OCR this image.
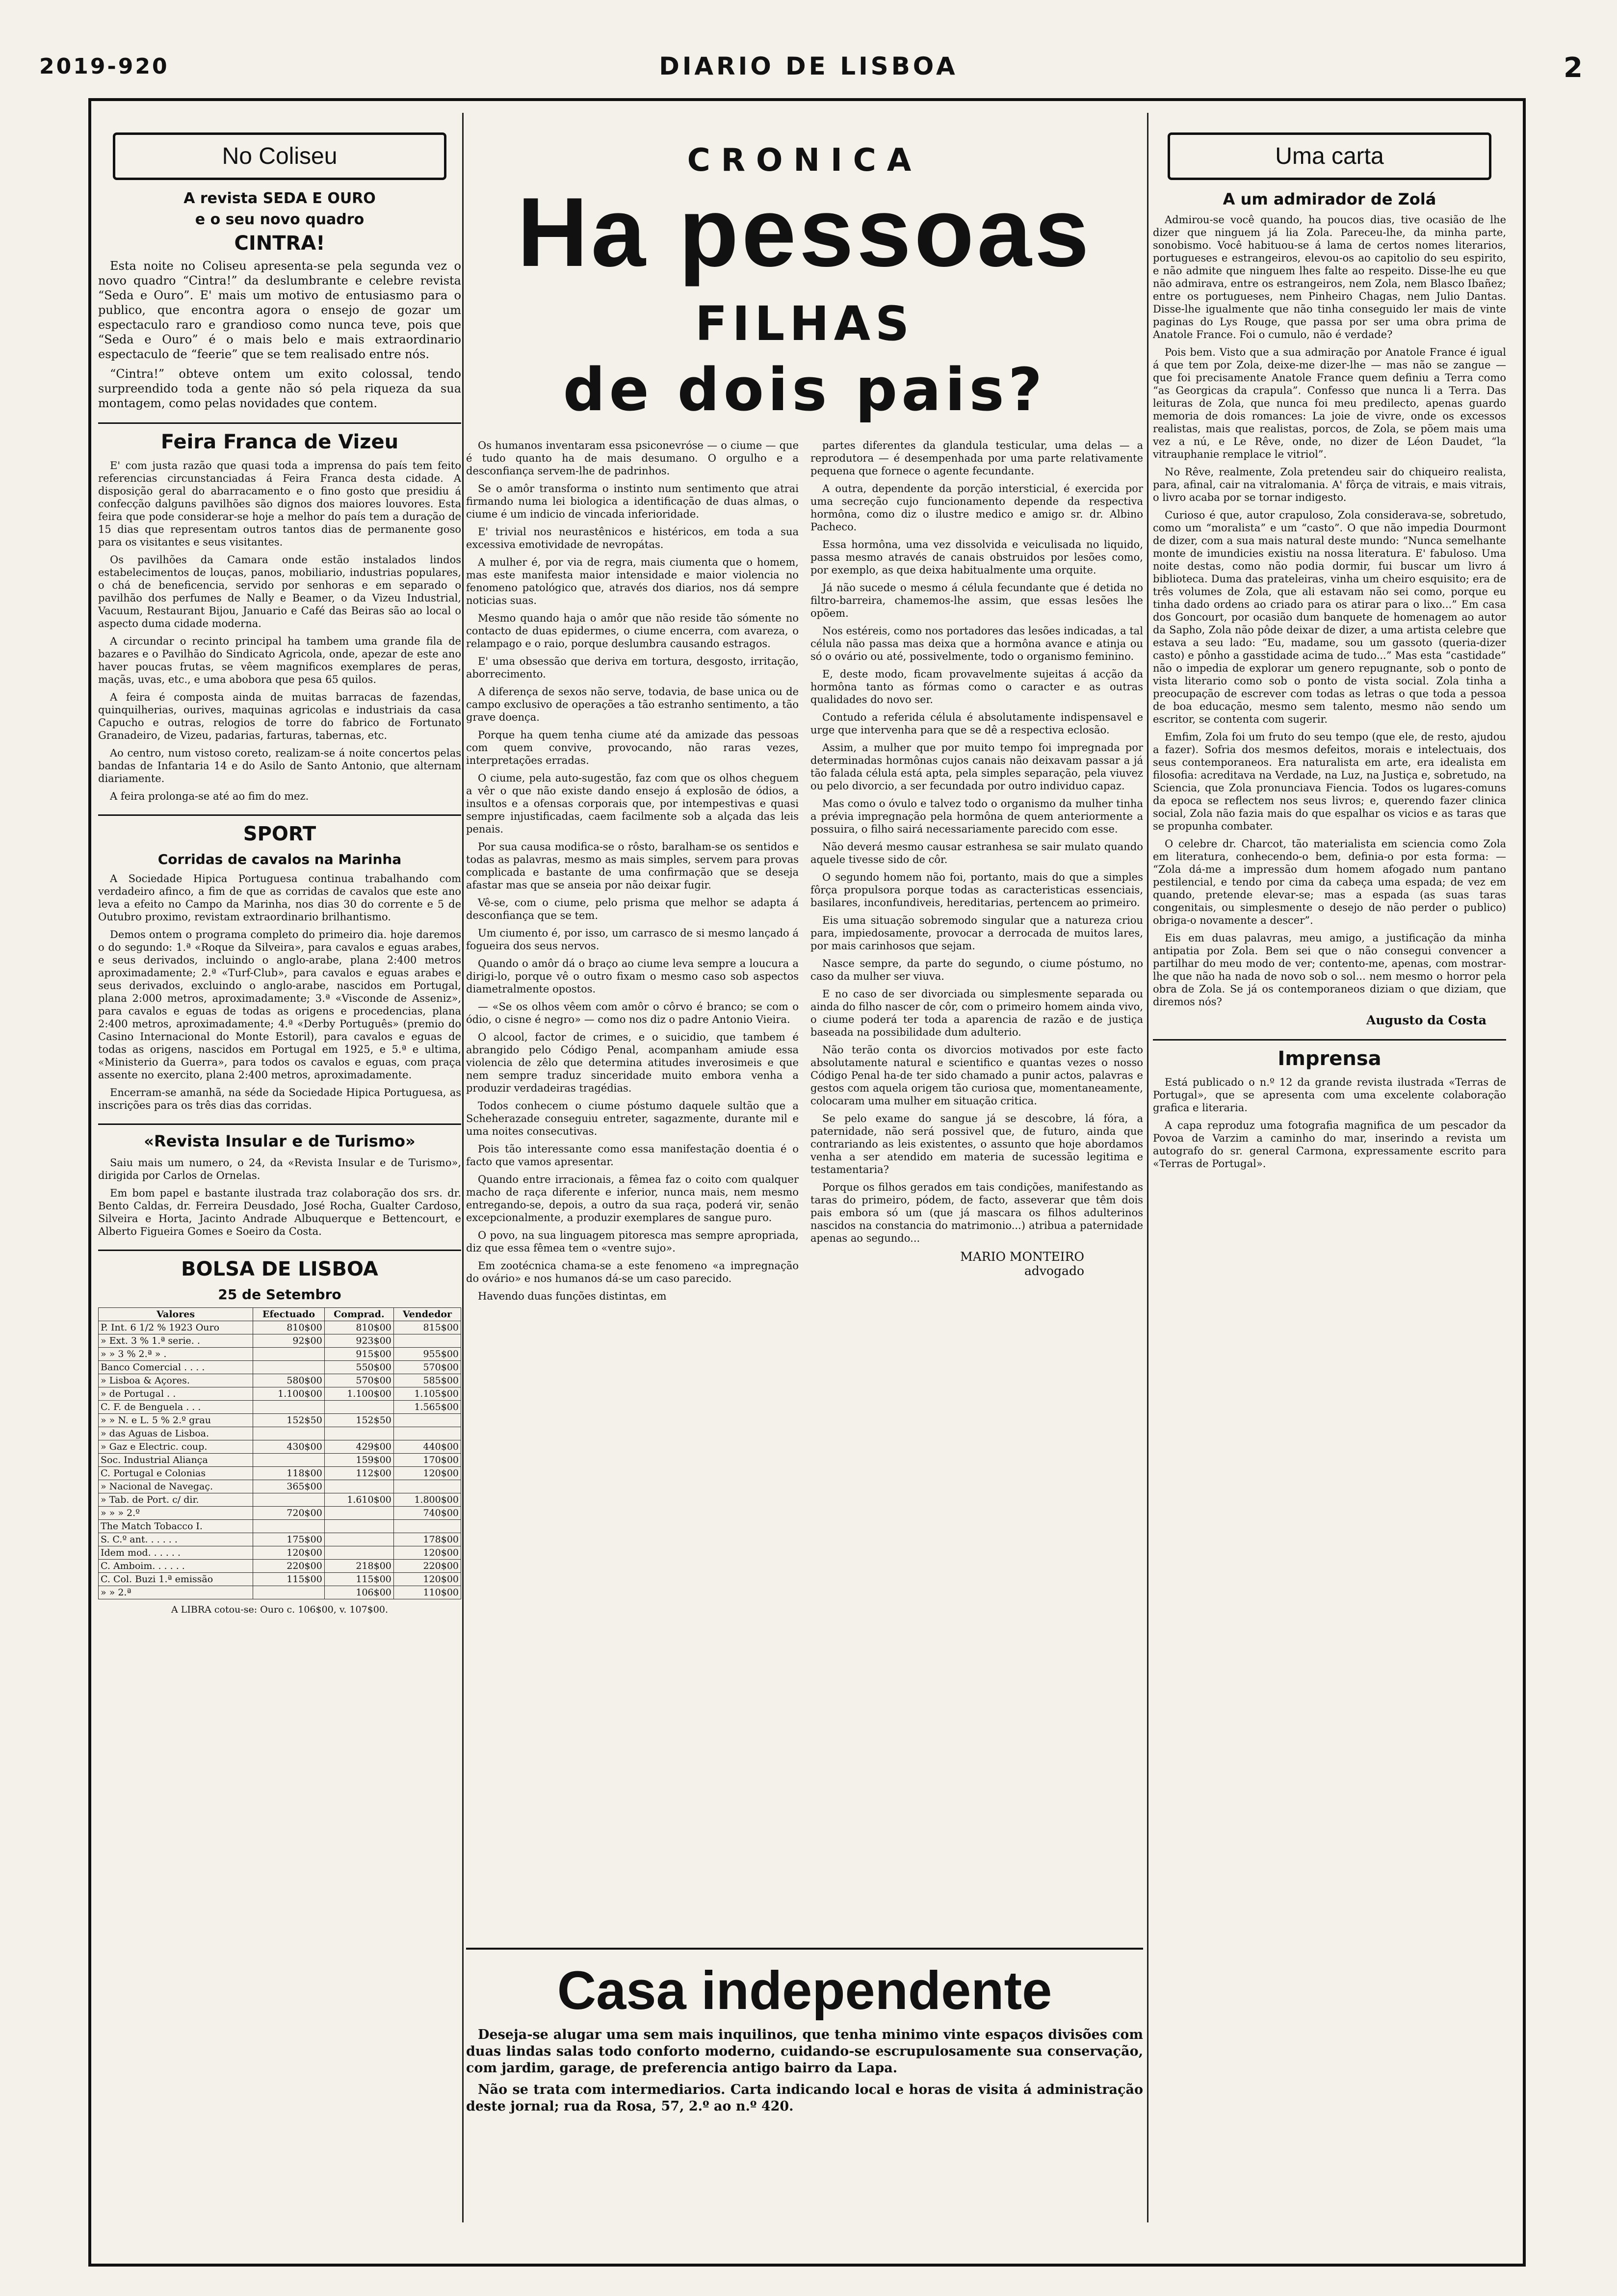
2019-920	DIARIO DE LISBOA	2
No Coliseu
A revista SEDA E OURO
e o seu novo quadro
CINTRA!

Esta noite no Coliseu apresenta-se pela segunda vez o novo quadro “Cintra!” da deslumbrante e celebre revista “Seda e Ouro”. E' mais um motivo de entusiasmo para o publico, que encontra agora o ensejo de gozar um espectaculo raro e grandioso como nunca teve, pois que “Seda e Ouro” é o mais belo e mais extraordinario espectaculo de “feerie” que se tem realisado entre nós.

“Cintra!” obteve ontem um exito colossal, tendo surpreendido toda a gente não só pela riqueza da sua montagem, como pelas novidades que contem.

Feira Franca de Vizeu

E' com justa razão que quasi toda a imprensa do país tem feito referencias circunstanciadas á Feira Franca desta cidade. A disposição geral do abarracamento e o fino gosto que presidiu á confecção dalguns pavilhões são dignos dos maiores louvores. Esta feira que pode considerar-se hoje a melhor do país tem a duração de 15 dias que representam outros tantos dias de permanente goso para os visitantes e seus visitantes.

Os pavilhões da Camara onde estão instalados lindos estabelecimentos de louças, panos, mobiliario, industrias populares, o chá de beneficencia, servido por senhoras e em separado o pavilhão dos perfumes de Nally e Beamer, o da Vizeu Industrial, Vacuum, Restaurant Bijou, Januario e Café das Beiras são ao local o aspecto duma cidade moderna.

A circundar o recinto principal ha tambem uma grande fila de bazares e o Pavilhão do Sindicato Agricola, onde, apezar de este ano haver poucas frutas, se vêem magnificos exemplares de peras, maçãs, uvas, etc., e uma abobora que pesa 65 quilos.

A feira é composta ainda de muitas barracas de fazendas, quinquilherias, ourives, maquinas agricolas e industriais da casa Capucho e outras, relogios de torre do fabrico de Fortunato Granadeiro, de Vizeu, padarias, farturas, tabernas, etc.

Ao centro, num vistoso coreto, realizam-se á noite concertos pelas bandas de Infantaria 14 e do Asilo de Santo Antonio, que alternam diariamente.

A feira prolonga-se até ao fim do mez.

SPORT
Corridas de cavalos na Marinha

A Sociedade Hipica Portuguesa continua trabalhando com verdadeiro afinco, a fim de que as corridas de cavalos que este ano leva a efeito no Campo da Marinha, nos dias 30 do corrente e 5 de Outubro proximo, revistam extraordinario brilhantismo.

Demos ontem o programa completo do primeiro dia. hoje daremos o do segundo: 1.ª «Roque da Silveira», para cavalos e eguas arabes, e seus derivados, incluindo o anglo-arabe, plana 2:400 metros aproximadamente; 2.ª «Turf-Club», para cavalos e eguas arabes e seus derivados, excluindo o anglo-arabe, nascidos em Portugal, plana 2:000 metros, aproximadamente; 3.ª «Visconde de Asseniz», para cavalos e eguas de todas as origens e procedencias, plana 2:400 metros, aproximadamente; 4.ª «Derby Português» (premio do Casino Internacional do Monte Estoril), para cavalos e eguas de todas as origens, nascidos em Portugal em 1925, e 5.ª e ultima, «Ministerio da Guerra», para todos os cavalos e eguas, com praça assente no exercito, plana 2:400 metros, aproximadamente.

Encerram-se amanhã, na séde da Sociedade Hipica Portuguesa, as inscrições para os três dias das corridas.

«Revista Insular e de Turismo»

Saiu mais um numero, o 24, da «Revista Insular e de Turismo», dirigida por Carlos de Ornelas.

Em bom papel e bastante ilustrada traz colaboração dos srs. dr. Bento Caldas, dr. Ferreira Deusdado, José Rocha, Gualter Cardoso, Silveira e Horta, Jacinto Andrade Albuquerque e Bettencourt, e Alberto Figueira Gomes e Soeiro da Costa.

BOLSA DE LISBOA
25 de Setembro
Valores	Efectuado	Comprad.	Vendedor
P. Int. 6 1/2 % 1923 Ouro	810$00	810$00	815$00
» Ext. 3 % 1.ª serie. .	92$00	923$00	
» » 3 % 2.ª » .		915$00	955$00
Banco Comercial . . . .		550$00	570$00
» Lisboa & Açores.	580$00	570$00	585$00
» de Portugal . .	1.100$00	1.100$00	1.105$00
C. F. de Benguela . . .			1.565$00
» » N. e L. 5 % 2.º grau	152$50	152$50	
» das Aguas de Lisboa.			
» Gaz e Electric. coup.	430$00	429$00	440$00
Soc. Industrial Aliança		159$00	170$00
C. Portugal e Colonias	118$00	112$00	120$00
» Nacional de Navegaç.	365$00		
» Tab. de Port. c/ dir.		1.610$00	1.800$00
» » » 2.º	720$00		740$00
The Match Tobacco I.			
S. C.º ant. . . . . .	175$00		178$00
Idem mod. . . . . .	120$00		120$00
C. Amboim. . . . . .	220$00	218$00	220$00
C. Col. Buzi 1.ª emissão	115$00	115$00	120$00
» » 2.ª		106$00	110$00
A LIBRA cotou-se: Ouro c. 106$00, v. 107$00.
CRONICA
Ha pessoas
FILHAS
de dois pais?

Os humanos inventaram essa psiconevróse — o ciume — que é tudo quanto ha de mais desumano. O orgulho e a desconfiança servem-lhe de padrinhos.

Se o amôr transforma o instinto num sentimento que atrai firmando numa lei biologica a identificação de duas almas, o ciume é um indicio de vincada inferioridade.

E' trivial nos neurastênicos e histéricos, em toda a sua excessiva emotividade de nevropátas.

A mulher é, por via de regra, mais ciumenta que o homem, mas este manifesta maior intensidade e maior violencia no fenomeno patológico que, através dos diarios, nos dá sempre noticias suas.

Mesmo quando haja o amôr que não reside tão sómente no contacto de duas epidermes, o ciume encerra, com avareza, o relampago e o raio, porque deslumbra causando estragos.

E' uma obsessão que deriva em tortura, desgosto, irritação, aborrecimento.

A diferença de sexos não serve, todavia, de base unica ou de campo exclusivo de operações a tão estranho sentimento, a tão grave doença.

Porque ha quem tenha ciume até da amizade das pessoas com quem convive, provocando, não raras vezes, interpretações erradas.

O ciume, pela auto-sugestão, faz com que os olhos cheguem a vêr o que não existe dando ensejo á explosão de ódios, a insultos e a ofensas corporais que, por intempestivas e quasi sempre injustificadas, caem facilmente sob a alçada das leis penais.

Por sua causa modifica-se o rôsto, baralham-se os sentidos e todas as palavras, mesmo as mais simples, servem para provas complicada e bastante de uma confirmação que se deseja afastar mas que se anseia por não deixar fugir.

Vê-se, com o ciume, pelo prisma que melhor se adapta á desconfiança que se tem.

Um ciumento é, por isso, um carrasco de si mesmo lançado á fogueira dos seus nervos.

Quando o amôr dá o braço ao ciume leva sempre a loucura a dirigi-lo, porque vê o outro fixam o mesmo caso sob aspectos diametralmente opostos.

— «Se os olhos vêem com amôr o côrvo é branco; se com o ódio, o cisne é negro» — como nos diz o padre Antonio Vieira.

O alcool, factor de crimes, e o suicidio, que tambem é abrangido pelo Código Penal, acompanham amiude essa violencia de zêlo que determina atitudes inverosimeis e que nem sempre traduz sinceridade muito embora venha a produzir verdadeiras tragédias.

Todos conhecem o ciume póstumo daquele sultão que a Scheherazade conseguiu entreter, sagazmente, durante mil e uma noites consecutivas.

Pois tão interessante como essa manifestação doentia é o facto que vamos apresentar.

Quando entre irracionais, a fêmea faz o coito com qualquer macho de raça diferente e inferior, nunca mais, nem mesmo entregando-se, depois, a outro da sua raça, poderá vir, senão excepcionalmente, a produzir exemplares de sangue puro.

O povo, na sua linguagem pitoresca mas sempre apropriada, diz que essa fêmea tem o «ventre sujo».

Em zootécnica chama-se a este fenomeno «a impregnação do ovário» e nos humanos dá-se um caso parecido.

Havendo duas funções distintas, em

partes diferentes da glandula testicular, uma delas — a reprodutora — é desempenhada por uma parte relativamente pequena que fornece o agente fecundante.

A outra, dependente da porção intersticial, é exercida por uma secreção cujo funcionamento depende da respectiva hormôna, como diz o ilustre medico e amigo sr. dr. Albino Pacheco.

Essa hormôna, uma vez dissolvida e veiculisada no liquido, passa mesmo através de canais obstruidos por lesões como, por exemplo, as que deixa habitualmente uma orquite.

Já não sucede o mesmo á célula fecundante que é detida no filtro-barreira, chamemos-lhe assim, que essas lesões lhe opõem.

Nos estéreis, como nos portadores das lesões indicadas, a tal célula não passa mas deixa que a hormôna avance e atinja ou só o ovário ou até, possivelmente, todo o organismo feminino.

E, deste modo, ficam provavelmente sujeitas á acção da hormôna tanto as fórmas como o caracter e as outras qualidades do novo ser.

Contudo a referida célula é absolutamente indispensavel e urge que intervenha para que se dê a respectiva eclosão.

Assim, a mulher que por muito tempo foi impregnada por determinadas hormônas cujos canais não deixavam passar a já tão falada célula está apta, pela simples separação, pela viuvez ou pelo divorcio, a ser fecundada por outro individuo capaz.

Mas como o óvulo e talvez todo o organismo da mulher tinha a prévia impregnação pela hormôna de quem anteriormente a possuira, o filho sairá necessariamente parecido com esse.

Não deverá mesmo causar estranhesa se sair mulato quando aquele tivesse sido de côr.

O segundo homem não foi, portanto, mais do que a simples fôrça propulsora porque todas as caracteristicas essenciais, basilares, inconfundiveis, hereditarias, pertencem ao primeiro.

Eis uma situação sobremodo singular que a natureza criou para, impiedosamente, provocar a derrocada de muitos lares, por mais carinhosos que sejam.

Nasce sempre, da parte do segundo, o ciume póstumo, no caso da mulher ser viuva.

E no caso de ser divorciada ou simplesmente separada ou ainda do filho nascer de côr, com o primeiro homem ainda vivo, o ciume poderá ter toda a aparencia de razão e de justiça baseada na possibilidade dum adulterio.

Não terão conta os divorcios motivados por este facto absolutamente natural e scientifico e quantas vezes o nosso Código Penal ha-de ter sido chamado a punir actos, palavras e gestos com aquela origem tão curiosa que, momentaneamente, colocaram uma mulher em situação critica.

Se pelo exame do sangue já se descobre, lá fóra, a paternidade, não será possivel que, de futuro, ainda que contrariando as leis existentes, o assunto que hoje abordamos venha a ser atendido em materia de sucessão legitima e testamentaria?

Porque os filhos gerados em tais condições, manifestando as taras do primeiro, pódem, de facto, asseverar que têm dois pais embora só um (que já mascara os filhos adulterinos nascidos na constancia do matrimonio...) atribua a paternidade apenas ao segundo...

MARIO MONTEIRO
advogado
Casa independente

Deseja-se alugar uma sem mais inquilinos, que tenha minimo vinte espaços divisões com duas lindas salas todo conforto moderno, cuidando-se escrupulosamente sua conservação, com jardim, garage, de preferencia antigo bairro da Lapa.

Não se trata com intermediarios. Carta indicando local e horas de visita á administração deste jornal; rua da Rosa, 57, 2.º ao n.º 420.

Uma carta
A um admirador de Zolá

Admirou-se você quando, ha poucos dias, tive ocasião de lhe dizer que ninguem já lia Zola. Pareceu-lhe, da minha parte, sonobismo. Você habituou-se á lama de certos nomes literarios, portugueses e estrangeiros, elevou-os ao capitolio do seu espirito, e não admite que ninguem lhes falte ao respeito. Disse-lhe eu que não admirava, entre os estrangeiros, nem Zola, nem Blasco Ibañez; entre os portugueses, nem Pinheiro Chagas, nem Julio Dantas. Disse-lhe igualmente que não tinha conseguido ler mais de vinte paginas do Lys Rouge, que passa por ser uma obra prima de Anatole France. Foi o cumulo, não é verdade?

Pois bem. Visto que a sua admiração por Anatole France é igual á que tem por Zola, deixe-me dizer-lhe — mas não se zangue — que foi precisamente Anatole France quem definiu a Terra como “as Georgicas da crapula”. Confesso que nunca li a Terra. Das leituras de Zola, que nunca foi meu predilecto, apenas guardo memoria de dois romances: La joie de vivre, onde os excessos realistas, mais que realistas, porcos, de Zola, se põem mais uma vez a nú, e Le Rêve, onde, no dizer de Léon Daudet, “la vitrauphanie remplace le vitriol”.

No Rêve, realmente, Zola pretendeu sair do chiqueiro realista, para, afinal, cair na vitralomania. A' fôrça de vitrais, e mais vitrais, o livro acaba por se tornar indigesto.

Curioso é que, autor crapuloso, Zola considerava-se, sobretudo, como um “moralista” e um “casto”. O que não impedia Dourmont de dizer, com a sua mais natural deste mundo: “Nunca semelhante monte de imundicies existiu na nossa literatura. E' fabuloso. Uma noite destas, como não podia dormir, fui buscar um livro á biblioteca. Duma das prateleiras, vinha um cheiro esquisito; era de três volumes de Zola, que ali estavam não sei como, porque eu tinha dado ordens ao criado para os atirar para o lixo...” Em casa dos Goncourt, por ocasião dum banquete de homenagem ao autor da Sapho, Zola não pôde deixar de dizer, a uma artista celebre que estava a seu lado: “Eu, madame, sou um gassoto (queria-dizer casto) e pônho a gasstidade acima de tudo...” Mas esta “castidade” não o impedia de explorar um genero repugnante, sob o ponto de vista literario como sob o ponto de vista social. Zola tinha a preocupação de escrever com todas as letras o que toda a pessoa de boa educação, mesmo sem talento, mesmo não sendo um escritor, se contenta com sugerir.

Emfim, Zola foi um fruto do seu tempo (que ele, de resto, ajudou a fazer). Sofria dos mesmos defeitos, morais e intelectuais, dos seus contemporaneos. Era naturalista em arte, era idealista em filosofia: acreditava na Verdade, na Luz, na Justiça e, sobretudo, na Sciencia, que Zola pronunciava Fiencia. Todos os lugares-comuns da epoca se reflectem nos seus livros; e, querendo fazer clinica social, Zola não fazia mais do que espalhar os vicios e as taras que se propunha combater.

O celebre dr. Charcot, tão materialista em sciencia como Zola em literatura, conhecendo-o bem, definia-o por esta forma: — “Zola dá-me a impressão dum homem afogado num pantano pestilencial, e tendo por cima da cabeça uma espada; de vez em quando, pretende elevar-se; mas a espada (as suas taras congenitais, ou simplesmente o desejo de não perder o publico) obriga-o novamente a descer”.

Eis em duas palavras, meu amigo, a justificação da minha antipatia por Zola. Bem sei que o não consegui convencer a partilhar do meu modo de ver; contento-me, apenas, com mostrar-lhe que não ha nada de novo sob o sol... nem mesmo o horror pela obra de Zola. Se já os contemporaneos diziam o que diziam, que diremos nós?

Augusto da Costa
Imprensa

Está publicado o n.º 12 da grande revista ilustrada «Terras de Portugal», que se apresenta com uma excelente colaboração grafica e literaria.

A capa reproduz uma fotografia magnifica de um pescador da Povoa de Varzim a caminho do mar, inserindo a revista um autografo do sr. general Carmona, expressamente escrito para «Terras de Portugal».
